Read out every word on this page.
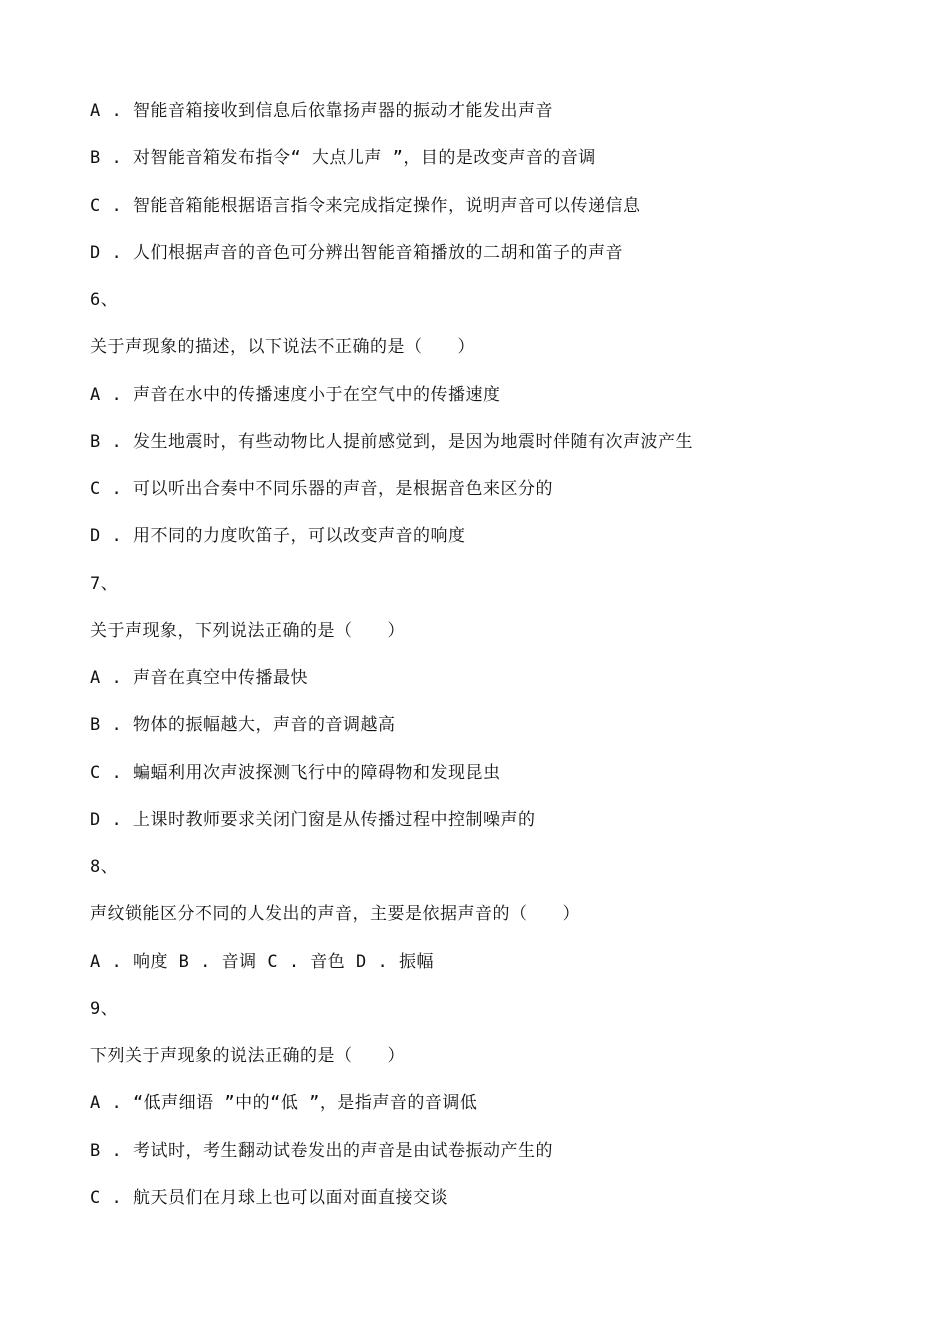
A . 智能音箱接收到信息后依靠扬声器的振动才能发出声音
B . 对智能音箱发布指令“ 大点儿声 ”，目的是改变声音的音调
C . 智能音箱能根据语言指令来完成指定操作，说明声音可以传递信息
D . 人们根据声音的音色可分辨出智能音箱播放的二胡和笛子的声音
6、
关于声现象的描述，以下说法不正确的是（　　）
A . 声音在水中的传播速度小于在空气中的传播速度
B . 发生地震时，有些动物比人提前感觉到，是因为地震时伴随有次声波产生
C . 可以听出合奏中不同乐器的声音，是根据音色来区分的
D . 用不同的力度吹笛子，可以改变声音的响度
7、
关于声现象，下列说法正确的是（　　）
A . 声音在真空中传播最快
B . 物体的振幅越大，声音的音调越高
C . 蝙蝠利用次声波探测飞行中的障碍物和发现昆虫
D . 上课时教师要求关闭门窗是从传播过程中控制噪声的
8、
声纹锁能区分不同的人发出的声音，主要是依据声音的（　　）
A . 响度 B . 音调 C . 音色 D . 振幅
9、
下列关于声现象的说法正确的是（　　）
A . “低声细语 ”中的“低 ”，是指声音的音调低
B . 考试时，考生翻动试卷发出的声音是由试卷振动产生的
C . 航天员们在月球上也可以面对面直接交谈
